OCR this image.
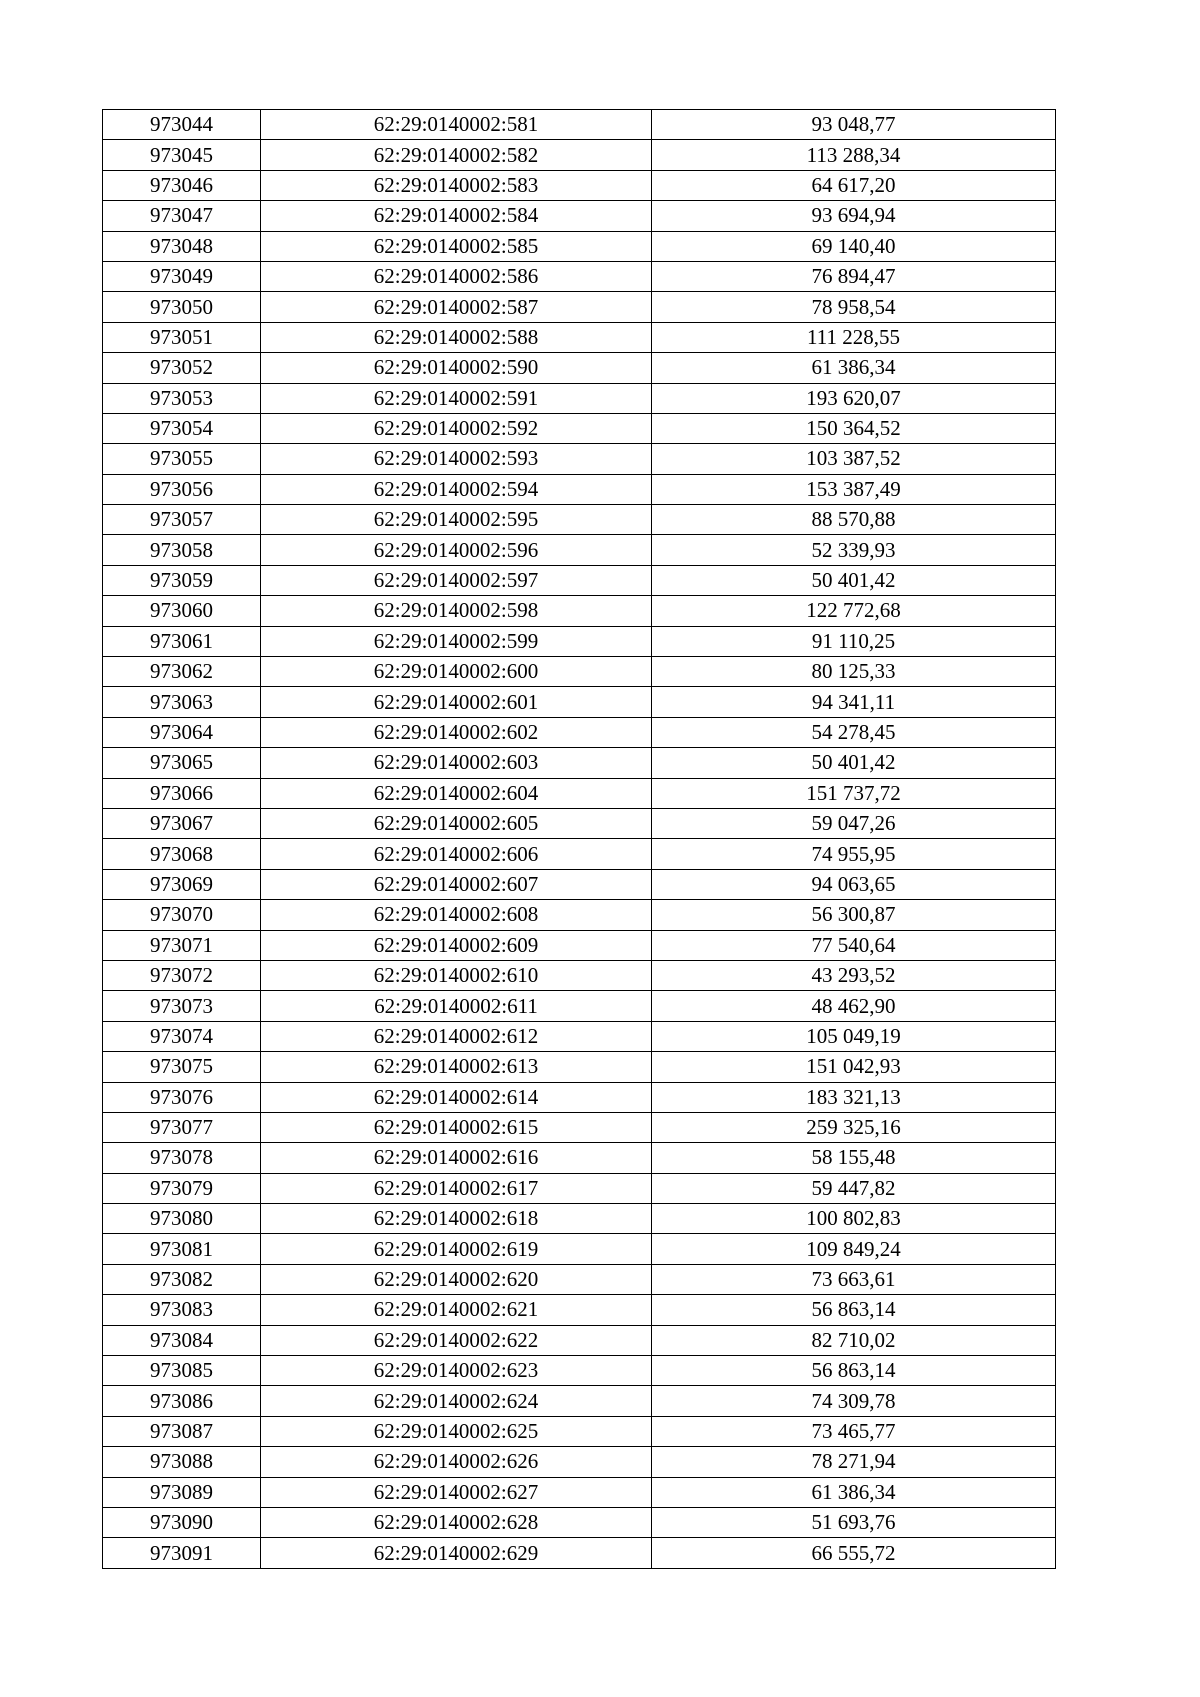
973044	62:29:0140002:581	93 048,77
973045	62:29:0140002:582	113 288,34
973046	62:29:0140002:583	64 617,20
973047	62:29:0140002:584	93 694,94
973048	62:29:0140002:585	69 140,40
973049	62:29:0140002:586	76 894,47
973050	62:29:0140002:587	78 958,54
973051	62:29:0140002:588	111 228,55
973052	62:29:0140002:590	61 386,34
973053	62:29:0140002:591	193 620,07
973054	62:29:0140002:592	150 364,52
973055	62:29:0140002:593	103 387,52
973056	62:29:0140002:594	153 387,49
973057	62:29:0140002:595	88 570,88
973058	62:29:0140002:596	52 339,93
973059	62:29:0140002:597	50 401,42
973060	62:29:0140002:598	122 772,68
973061	62:29:0140002:599	91 110,25
973062	62:29:0140002:600	80 125,33
973063	62:29:0140002:601	94 341,11
973064	62:29:0140002:602	54 278,45
973065	62:29:0140002:603	50 401,42
973066	62:29:0140002:604	151 737,72
973067	62:29:0140002:605	59 047,26
973068	62:29:0140002:606	74 955,95
973069	62:29:0140002:607	94 063,65
973070	62:29:0140002:608	56 300,87
973071	62:29:0140002:609	77 540,64
973072	62:29:0140002:610	43 293,52
973073	62:29:0140002:611	48 462,90
973074	62:29:0140002:612	105 049,19
973075	62:29:0140002:613	151 042,93
973076	62:29:0140002:614	183 321,13
973077	62:29:0140002:615	259 325,16
973078	62:29:0140002:616	58 155,48
973079	62:29:0140002:617	59 447,82
973080	62:29:0140002:618	100 802,83
973081	62:29:0140002:619	109 849,24
973082	62:29:0140002:620	73 663,61
973083	62:29:0140002:621	56 863,14
973084	62:29:0140002:622	82 710,02
973085	62:29:0140002:623	56 863,14
973086	62:29:0140002:624	74 309,78
973087	62:29:0140002:625	73 465,77
973088	62:29:0140002:626	78 271,94
973089	62:29:0140002:627	61 386,34
973090	62:29:0140002:628	51 693,76
973091	62:29:0140002:629	66 555,72
